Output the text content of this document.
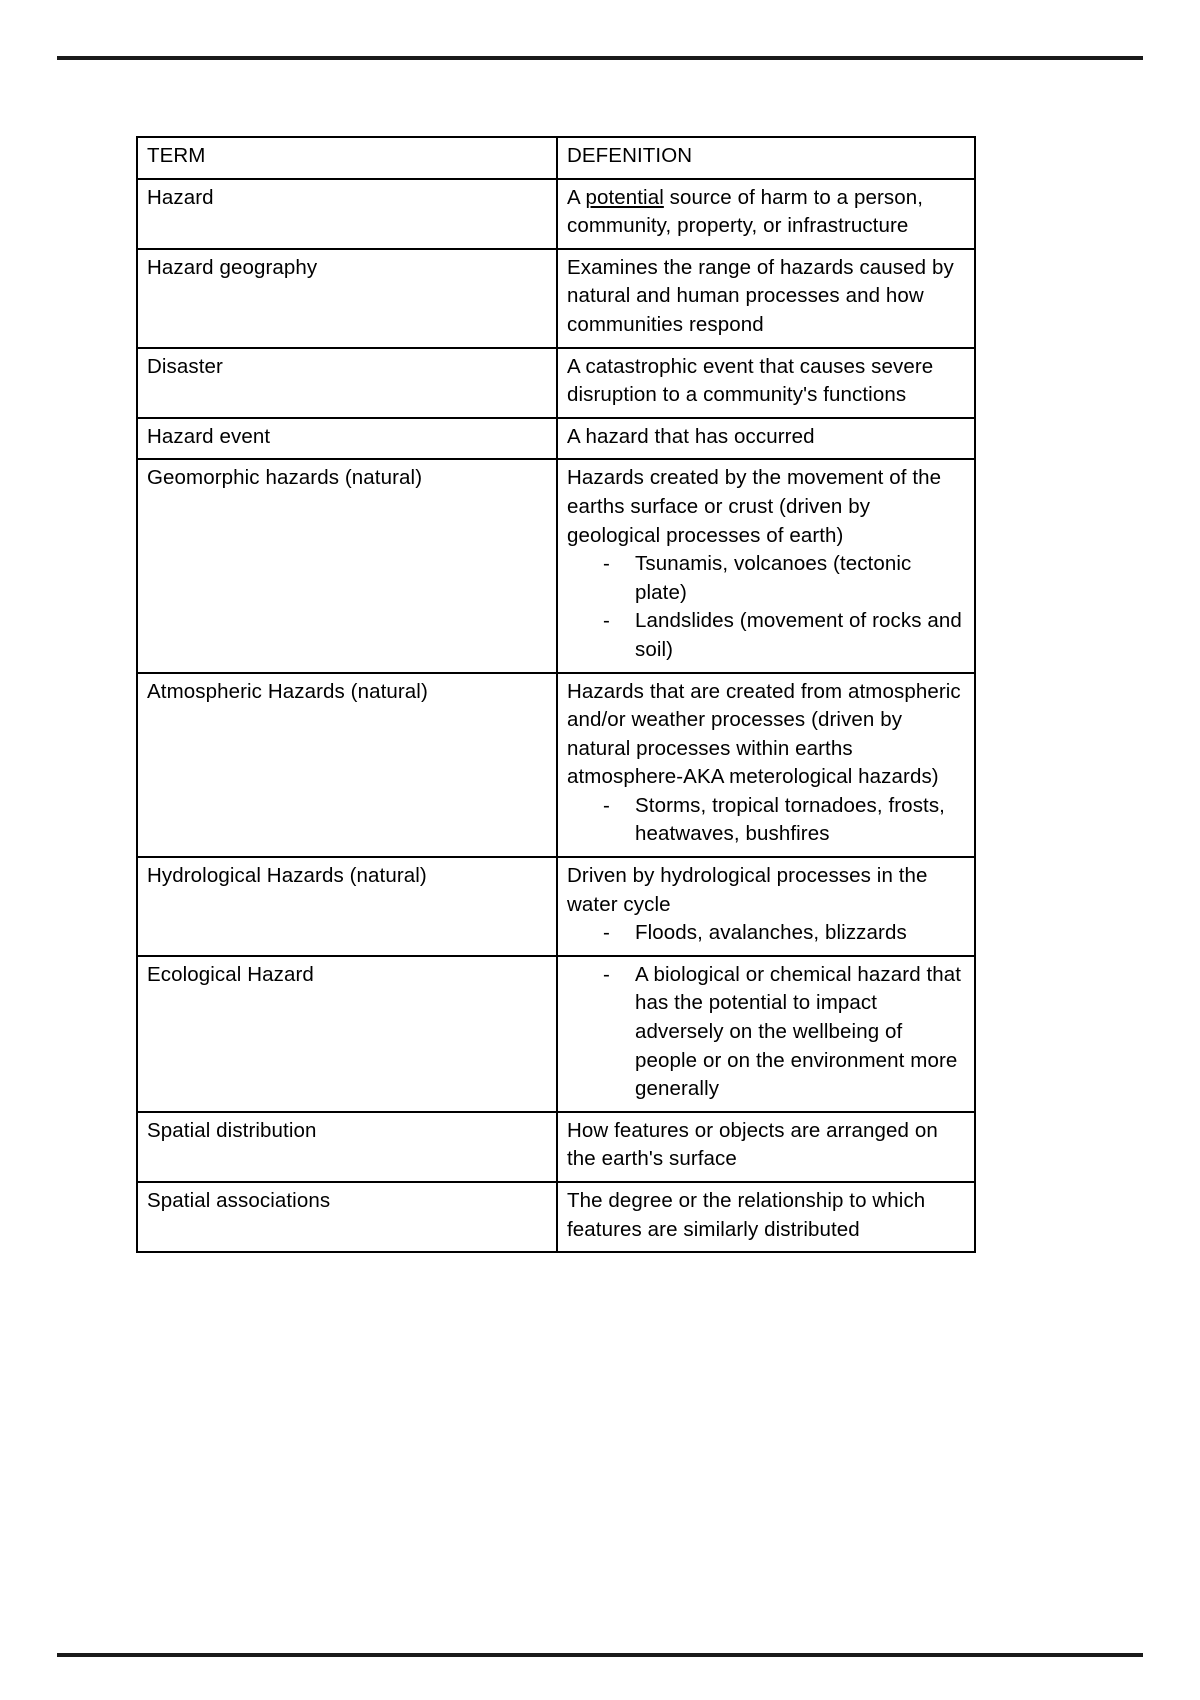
TERM	DEFENITION
Hazard	A potential source of harm to a person, community, property, or infrastructure

Hazard geography	Examines the range of hazards caused by natural and human processes and how communities respond

Disaster	A catastrophic event that causes severe disruption to a community's functions

Hazard event	A hazard that has occurred

Geomorphic hazards (natural)	Hazards created by the movement of the earths surface or crust (driven by geological processes of earth)
- Tsunamis, volcanoes (tectonic plate)
- Landslides (movement of rocks and soil)

Atmospheric Hazards (natural)	Hazards that are created from atmospheric and/or weather processes (driven by natural processes within earths atmosphere-AKA meterological hazards)
- Storms, tropical tornadoes, frosts, heatwaves, bushfires

Hydrological Hazards (natural)	Driven by hydrological processes in the water cycle
- Floods, avalanches, blizzards

Ecological Hazard	- A biological or chemical hazard that has the potential to impact adversely on the wellbeing of people or on the environment more generally

Spatial distribution	How features or objects are arranged on the earth's surface

Spatial associations	The degree or the relationship to which features are similarly distributed
